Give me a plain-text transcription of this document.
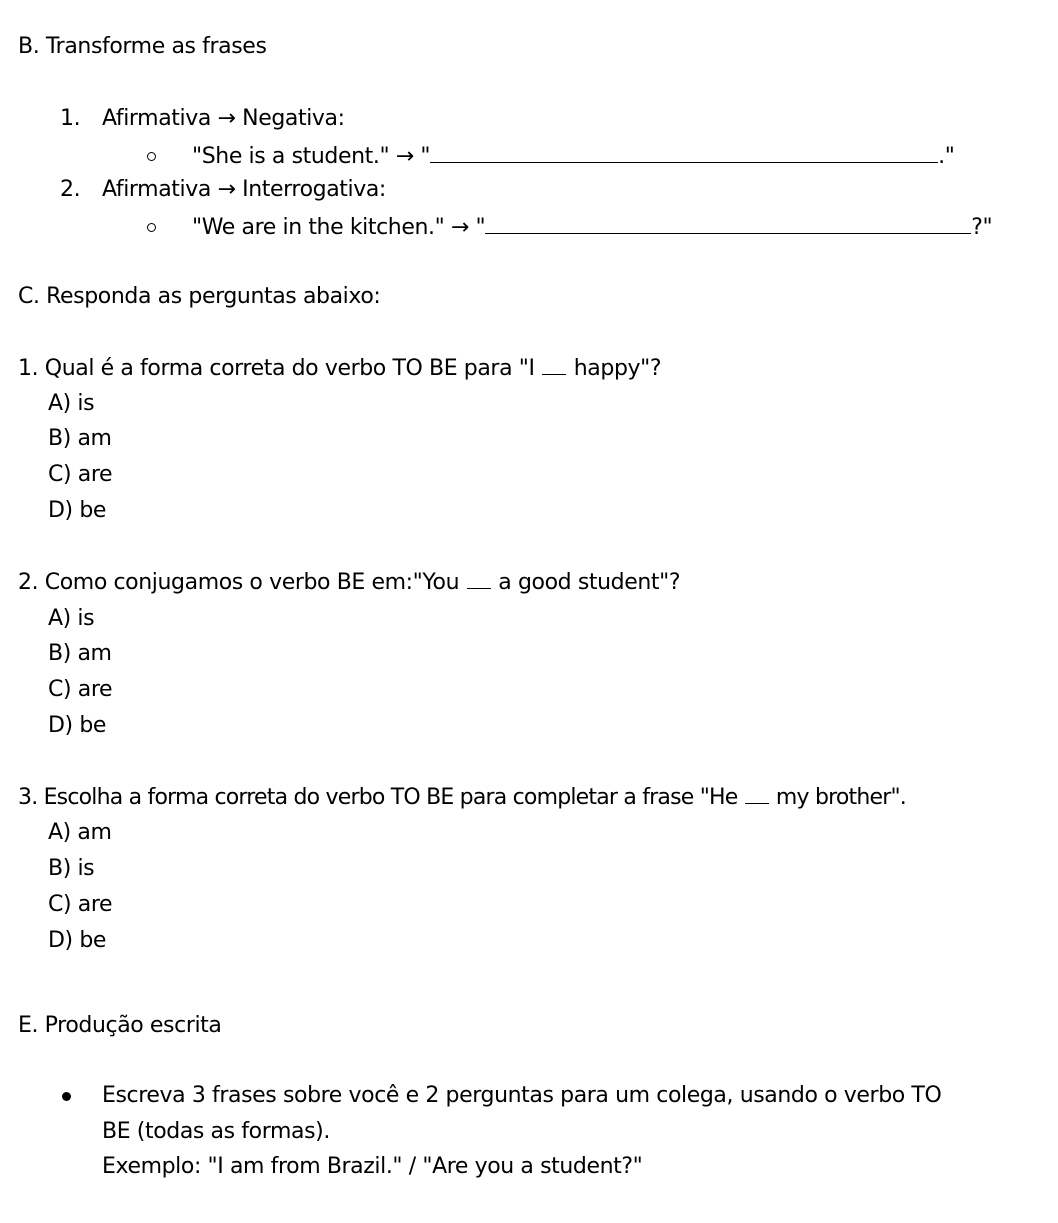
B. Transforme as frases
1. Afirmativa → Negativa:
"She is a student." → "	."
2. Afirmativa → Interrogativa:
"We are in the kitchen." → "	?"
C. Responda as perguntas abaixo:
1. Qual é a forma correta do verbo TO BE para "I  happy"?
A) is
B) am
C) are
D) be
2. Como conjugamos o verbo BE em:"You  a good student"?
A) is
B) am
C) are
D) be
3. Escolha a forma correta do verbo TO BE para completar a frase "He  my brother".
A) am
B) is
C) are
D) be
E. Produção escrita
Escreva 3 frases sobre você e 2 perguntas para um colega, usando o verbo TO
BE (todas as formas).
Exemplo: "I am from Brazil." / "Are you a student?"
